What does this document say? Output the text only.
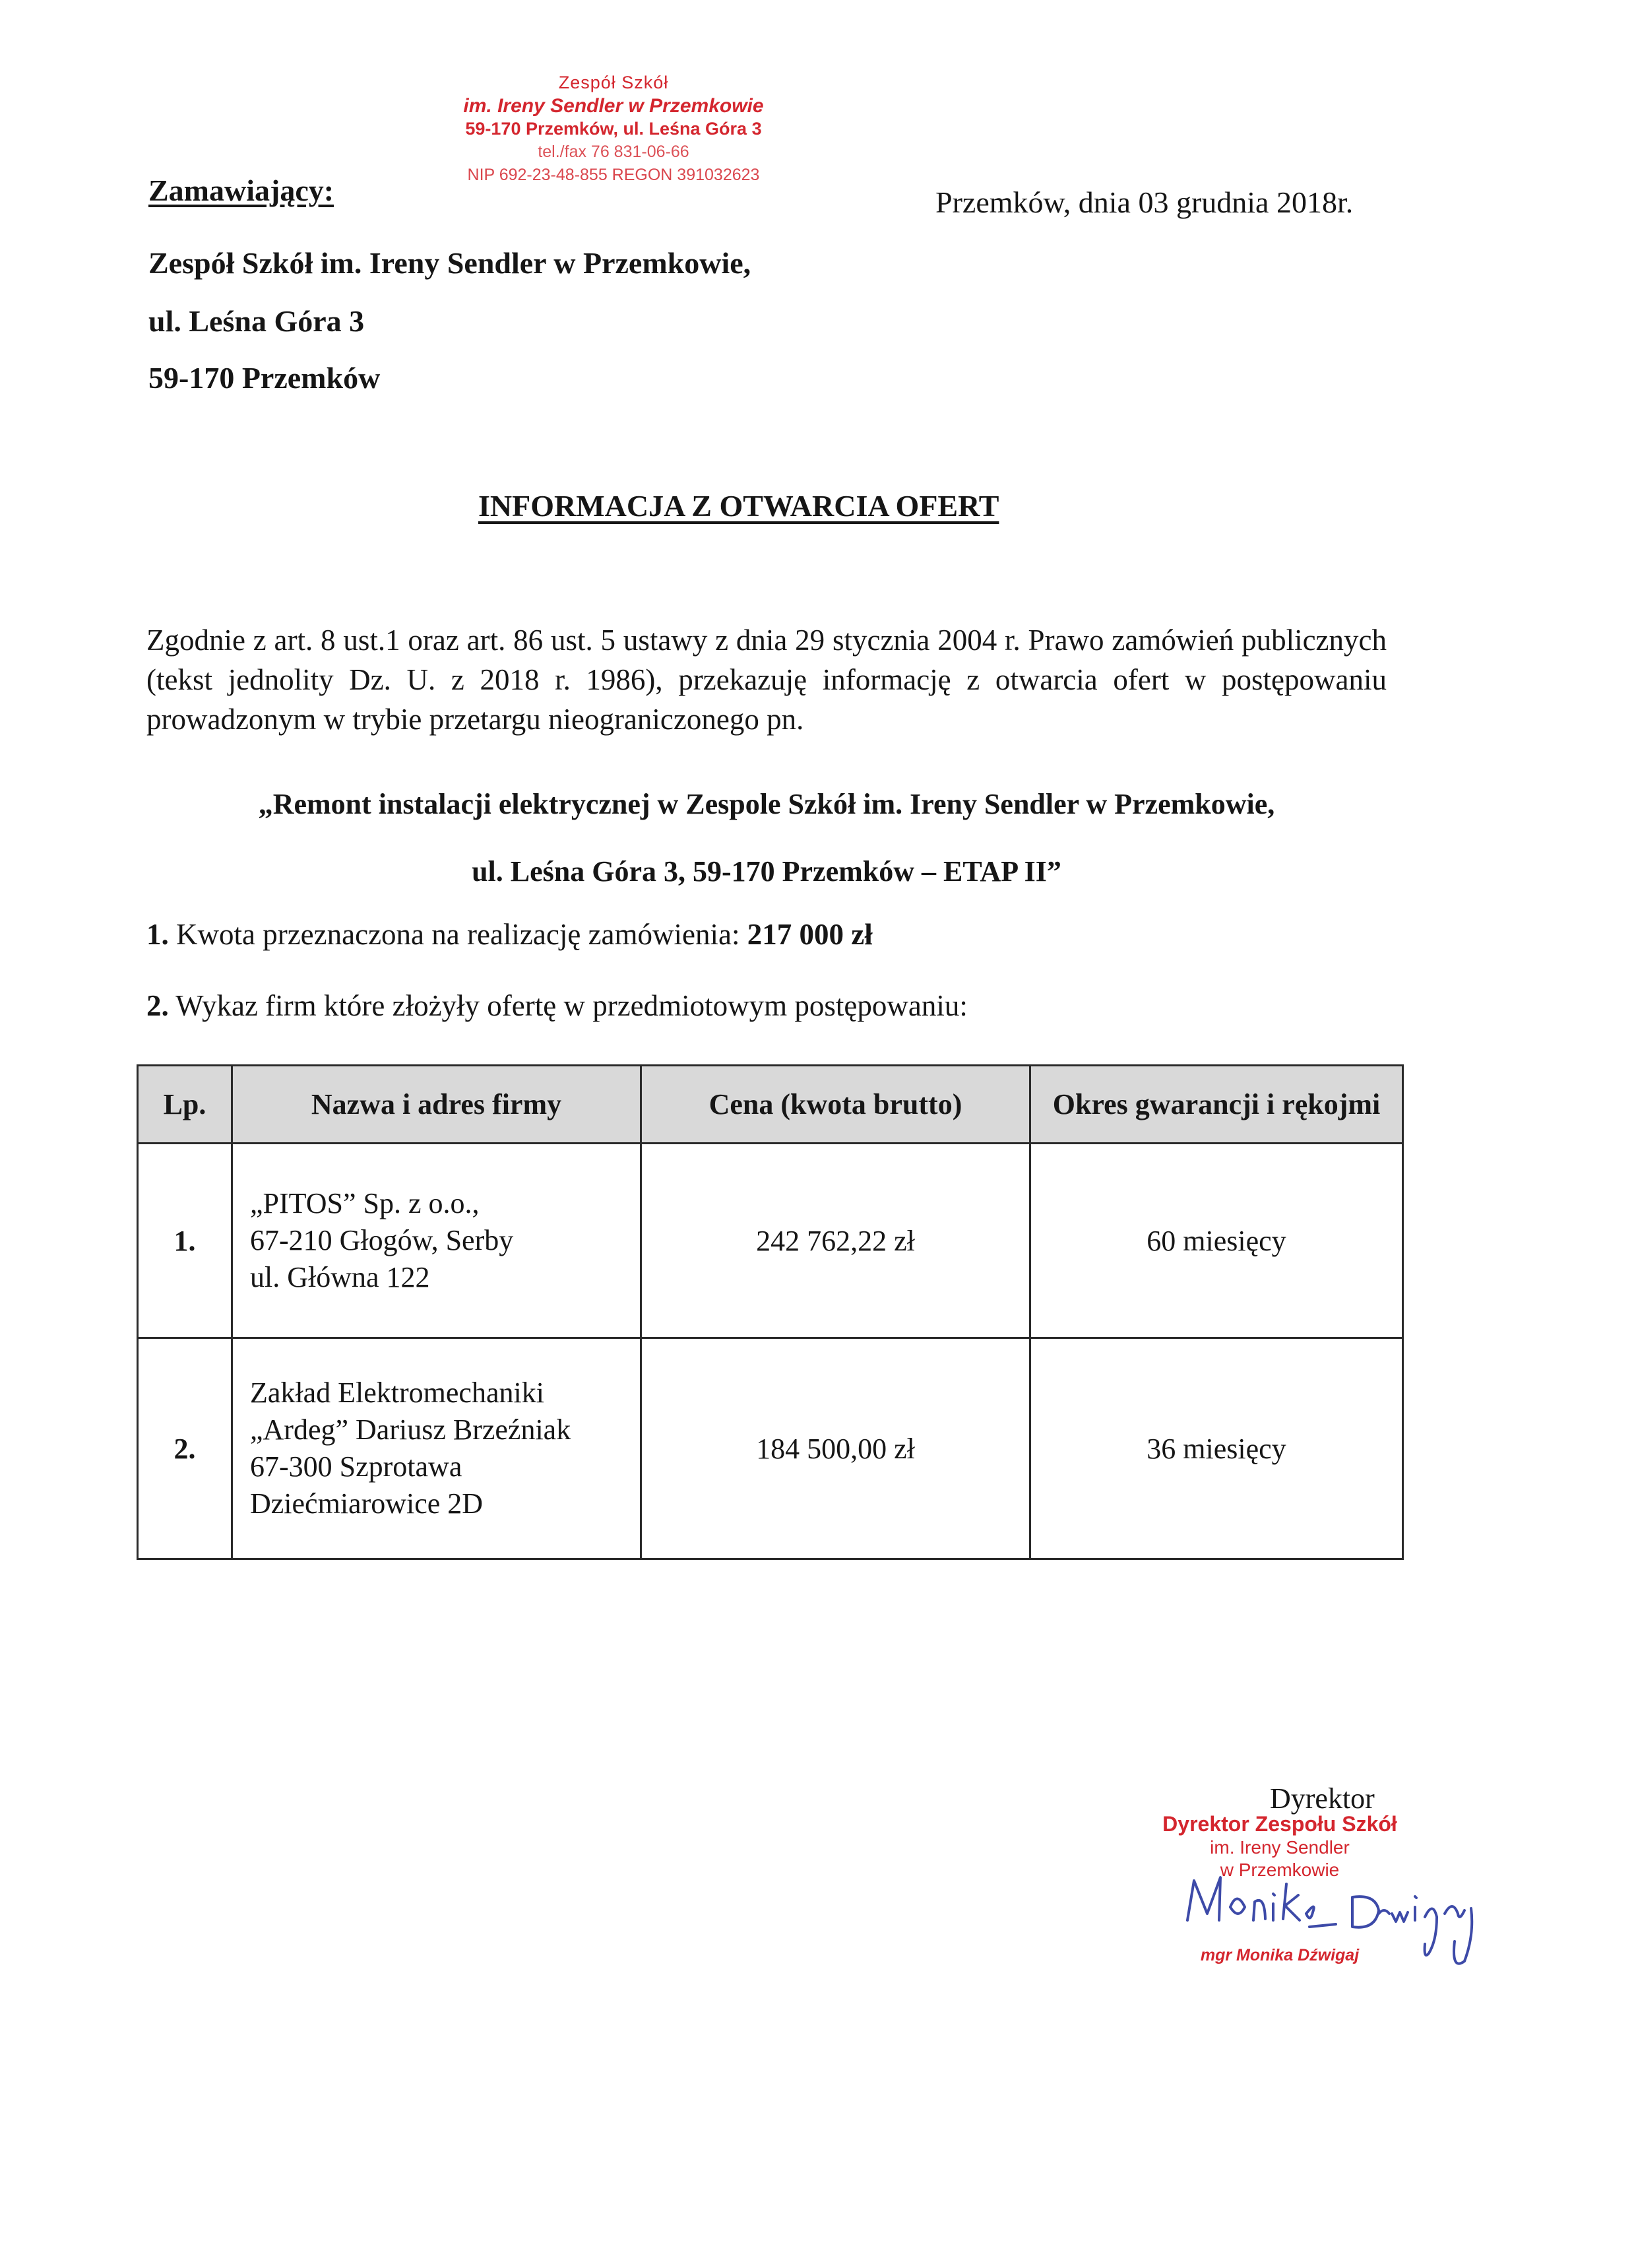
Zespół Szkół
im. Ireny Sendler w Przemkowie
59-170 Przemków, ul. Leśna Góra 3
tel./fax 76 831-06-66
NIP 692-23-48-855 REGON 391032623
Zamawiający:	Przemków, dnia 03 grudnia 2018r.
Zespół Szkół im. Ireny Sendler w Przemkowie,
ul. Leśna Góra 3
59-170 Przemków
INFORMACJA Z OTWARCIA OFERT
Zgodnie z art. 8 ust.1 oraz art. 86 ust. 5 ustawy z dnia 29 stycznia 2004 r. Prawo zamówień publicznych (tekst jednolity Dz. U. z 2018 r. 1986), przekazuję informację z otwarcia ofert w postępowaniu prowadzonym w trybie przetargu nieograniczonego pn.
„Remont instalacji elektrycznej w Zespole Szkół im. Ireny Sendler w Przemkowie,
ul. Leśna Góra 3, 59-170 Przemków – ETAP II”
1. Kwota przeznaczona na realizację zamówienia: 217 000 zł
2. Wykaz firm które złożyły ofertę w przedmiotowym postępowaniu:
Lp.	Nazwa i adres firmy	Cena (kwota brutto)	Okres gwarancji i rękojmi
1.	„PITOS” Sp. z o.o.,
67-210 Głogów, Serby
ul. Główna 122	242 762,22 zł	60 miesięcy
2.	Zakład Elektromechaniki
„Ardeg” Dariusz Brzeźniak
67-300 Szprotawa
Dziećmiarowice 2D	184 500,00 zł	36 miesięcy
Dyrektor
Dyrektor Zespołu Szkół
im. Ireny Sendler
w Przemkowie
mgr Monika Dźwigaj
